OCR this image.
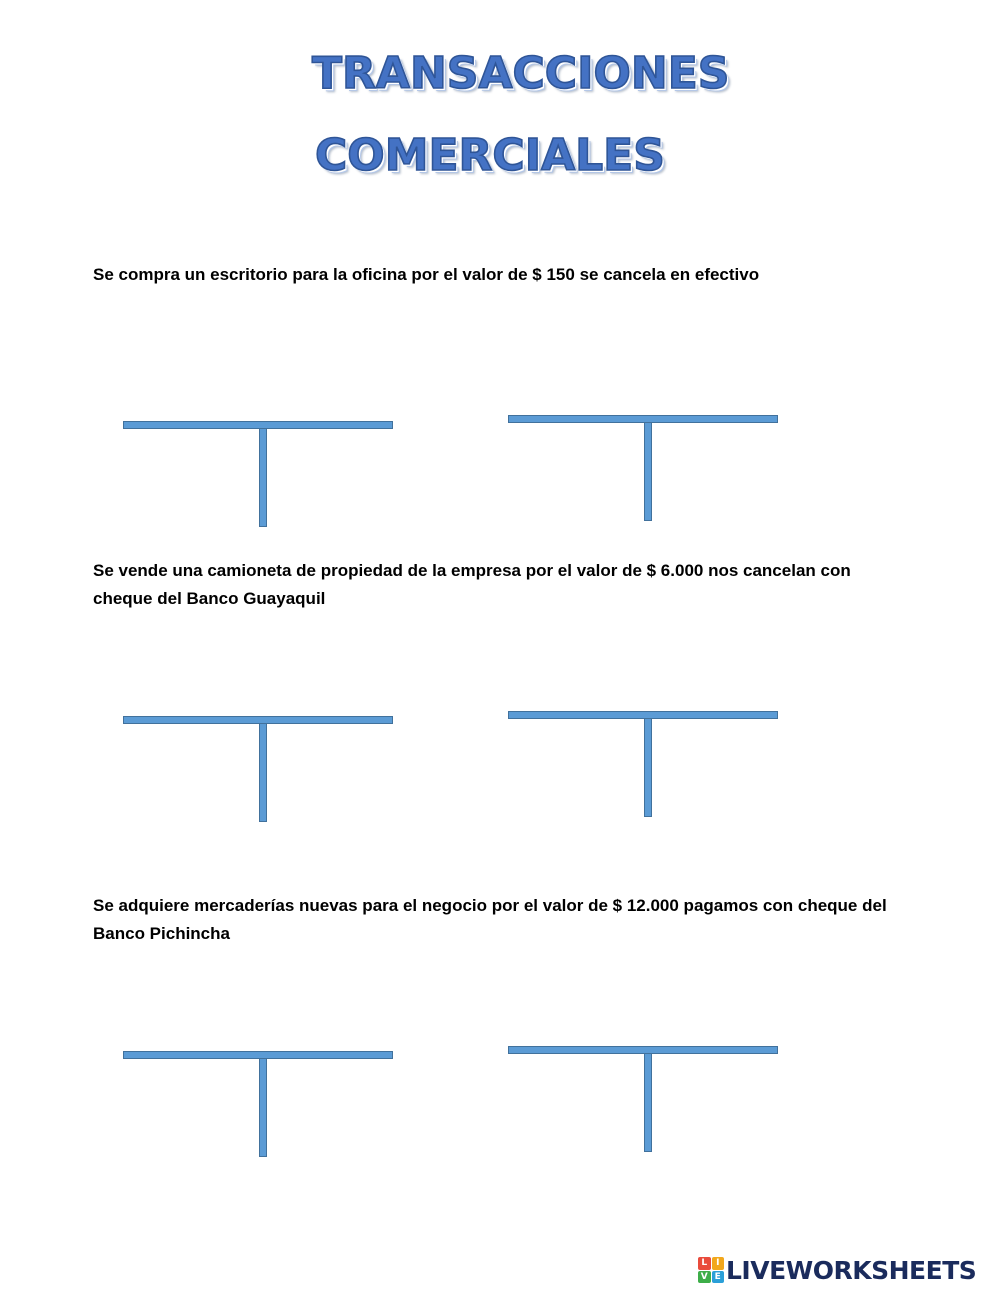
TRANSACCIONES
COMERCIALES

Se compra un escritorio para la oficina por el valor de $ 150 se cancela en efectivo

Se vende una camioneta de propiedad de la empresa por el valor de $ 6.000 nos cancelan con cheque del Banco Guayaquil

Se adquiere mercaderías nuevas para el negocio por el valor de $ 12.000 pagamos con cheque del Banco Pichincha

L I
V E LIVEWORKSHEETS
